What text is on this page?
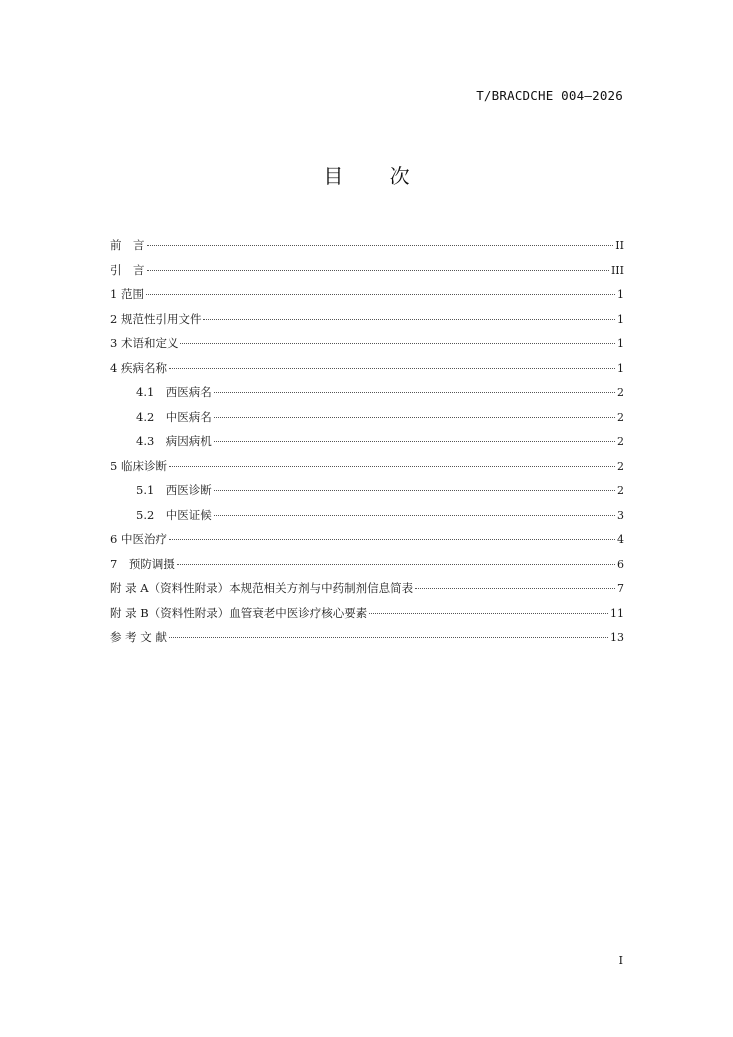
T/BRACDCHE 004—2026
目 次
前　言	II
引　言	III
1 范围	1
2 规范性引用文件	1
3 术语和定义	1
4 疾病名称	1
4.1　西医病名	2
4.2　中医病名	2
4.3　病因病机	2
5 临床诊断	2
5.1　西医诊断	2
5.2　中医证候	3
6 中医治疗	4
7　预防调摄	6
附 录 A（资料性附录）本规范相关方剂与中药制剂信息简表	7
附 录 B（资料性附录）血管衰老中医诊疗核心要素	11
参 考 文 献	13
I
